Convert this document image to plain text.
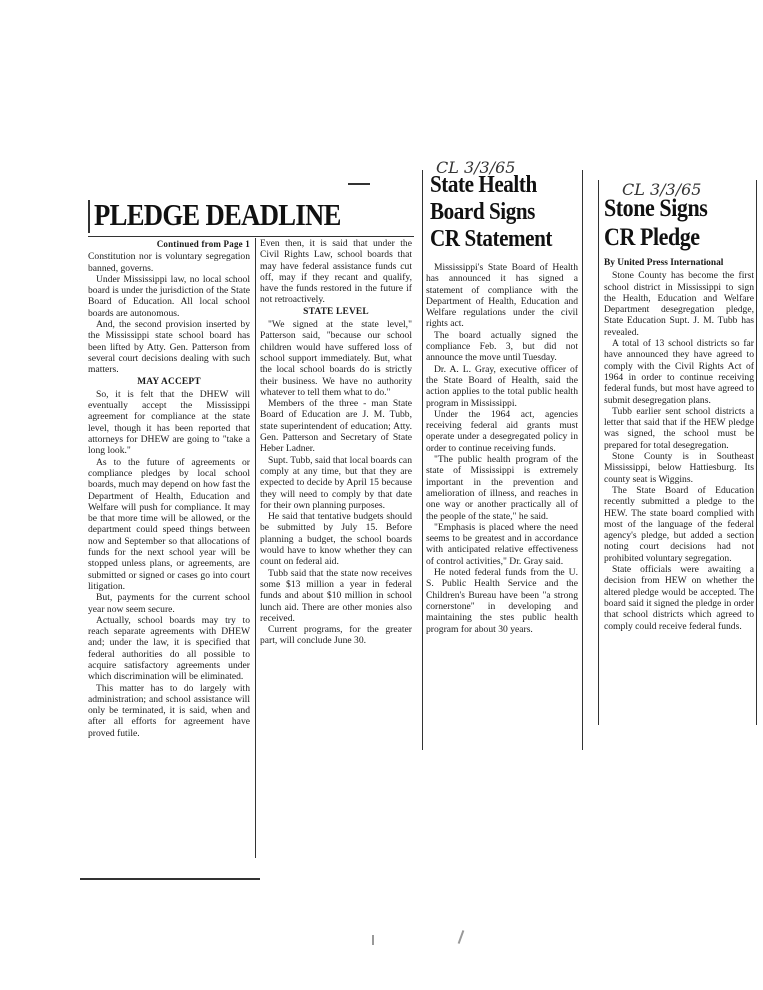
PLEDGE DEADLINE
Continued from Page 1

Constitution nor is voluntary segregation banned, governs.

Under Mississippi law, no local school board is under the jurisdiction of the State Board of Education. All local school boards are autonomous.

And, the second provision inserted by the Mississippi state school board has been lifted by Atty. Gen. Patterson from several court decisions dealing with such matters.

MAY ACCEPT

So, it is felt that the DHEW will eventually accept the Mississippi agreement for compliance at the state level, though it has been reported that attorneys for DHEW are going to "take a long look."

As to the future of agreements or compliance pledges by local school boards, much may depend on how fast the Department of Health, Education and Welfare will push for compliance. It may be that more time will be allowed, or the department could speed things between now and September so that allocations of funds for the next school year will be stopped unless plans, or agreements, are submitted or signed or cases go into court litigation.

But, payments for the current school year now seem secure.

Actually, school boards may try to reach separate agreements with DHEW and; under the law, it is specified that federal authorities do all possible to acquire satisfactory agreements under which discrimination will be eliminated.

This matter has to do largely with administration; and school assistance will only be terminated, it is said, when and after all efforts for agreement have proved futile.

Even then, it is said that under the Civil Rights Law, school boards that may have federal assistance funds cut off, may if they recant and qualify, have the funds restored in the future if not retroactively.

STATE LEVEL

"We signed at the state level," Patterson said, "because our school children would have suffered loss of school support immediately. But, what the local school boards do is strictly their business. We have no authority whatever to tell them what to do."

Members of the three - man State Board of Education are J. M. Tubb, state superintendent of education; Atty. Gen. Patterson and Secretary of State Heber Ladner.

Supt. Tubb, said that local boards can comply at any time, but that they are expected to decide by April 15 because they will need to comply by that date for their own planning purposes.

He said that tentative budgets should be submitted by July 15. Before planning a budget, the school boards would have to know whether they can count on federal aid.

Tubb said that the state now receives some $13 million a year in federal funds and about $10 million in school lunch aid. There are other monies also received.

Current programs, for the greater part, will conclude June 30.

CL 3/3/65
State Health
Board Signs
CR Statement

Mississippi's State Board of Health has announced it has signed a statement of compliance with the Department of Health, Education and Welfare regulations under the civil rights act.

The board actually signed the compliance Feb. 3, but did not announce the move until Tuesday.

Dr. A. L. Gray, executive officer of the State Board of Health, said the action applies to the total public health program in Mississippi.

Under the 1964 act, agencies receiving federal aid grants must operate under a desegregated policy in order to continue receiving funds.

"The public health program of the state of Mississippi is extremely important in the prevention and amelioration of illness, and reaches in one way or another practically all of the people of the state," he said.

"Emphasis is placed where the need seems to be greatest and in accordance with anticipated relative effectiveness of control activities," Dr. Gray said.

He noted federal funds from the U. S. Public Health Service and the Children's Bureau have been "a strong cornerstone" in developing and maintaining the stes public health program for about 30 years.

CL 3/3/65
Stone Signs
CR Pledge
By United Press International

Stone County has become the first school district in Mississippi to sign the Health, Education and Welfare Department desegregation pledge, State Education Supt. J. M. Tubb has revealed.

A total of 13 school districts so far have announced they have agreed to comply with the Civil Rights Act of 1964 in order to continue receiving federal funds, but most have agreed to submit desegregation plans.

Tubb earlier sent school districts a letter that said that if the HEW pledge was signed, the school must be prepared for total desegregation.

Stone County is in Southeast Mississippi, below Hattiesburg. Its county seat is Wiggins.

The State Board of Education recently submitted a pledge to the HEW. The state board complied with most of the language of the federal agency's pledge, but added a section noting court decisions had not prohibited voluntary segregation.

State officials were awaiting a decision from HEW on whether the altered pledge would be accepted. The board said it signed the pledge in order that school districts which agreed to comply could receive federal funds.
